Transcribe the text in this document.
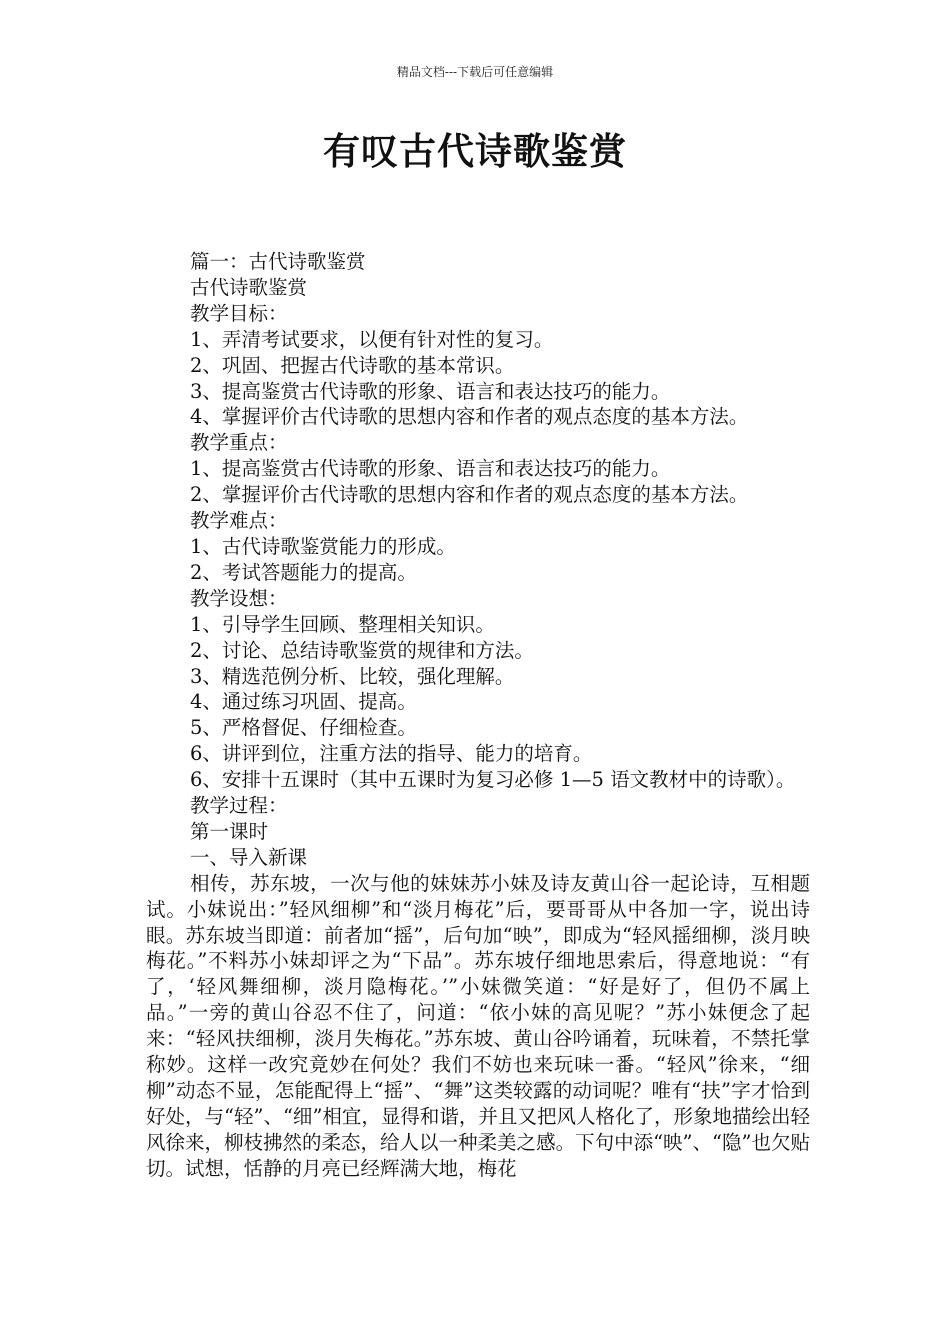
精品文档---下载后可任意编辑
有叹古代诗歌鉴赏

篇一：古代诗歌鉴赏

古代诗歌鉴赏

教学目标：

1、弄清考试要求，以便有针对性的复习。

2、巩固、把握古代诗歌的基本常识。

3、提高鉴赏古代诗歌的形象、语言和表达技巧的能力。

4、掌握评价古代诗歌的思想内容和作者的观点态度的基本方法。

教学重点：

1、提高鉴赏古代诗歌的形象、语言和表达技巧的能力。

2、掌握评价古代诗歌的思想内容和作者的观点态度的基本方法。

教学难点：

1、古代诗歌鉴赏能力的形成。

2、考试答题能力的提高。

教学设想：

1、引导学生回顾、整理相关知识。

2、讨论、总结诗歌鉴赏的规律和方法。

3、精选范例分析、比较，强化理解。

4、通过练习巩固、提高。

5、严格督促、仔细检查。

6、讲评到位，注重方法的指导、能力的培育。

6、安排十五课时（其中五课时为复习必修 1—5 语文教材中的诗歌）。

教学过程：

第一课时

一、导入新课

相传，苏东坡，一次与他的妹妹苏小妹及诗友黄山谷一起论诗，互相题试。小妹说出：”轻风细柳”和“淡月梅花”后，要哥哥从中各加一字，说出诗眼。苏东坡当即道：前者加“摇”，后句加“映”，即成为“轻风摇细柳，淡月映梅花。”不料苏小妹却评之为“下品”。苏东坡仔细地思索后，得意地说：“有了，‘轻风舞细柳，淡月隐梅花。’”小妹微笑道：“好是好了，但仍不属上品。”一旁的黄山谷忍不住了，问道：“依小妹的高见呢？”苏小妹便念了起来：“轻风扶细柳，淡月失梅花。”苏东坡、黄山谷吟诵着，玩味着，不禁托掌称妙。这样一改究竟妙在何处？我们不妨也来玩味一番。“轻风”徐来，“细柳”动态不显，怎能配得上“摇”、“舞”这类较露的动词呢？唯有“扶”字才恰到好处，与“轻”、“细”相宜，显得和谐，并且又把风人格化了，形象地描绘出轻风徐来，柳枝拂然的柔态，给人以一种柔美之感。下句中添“映”、“隐”也欠贴切。试想，恬静的月亮已经辉满大地，梅花
